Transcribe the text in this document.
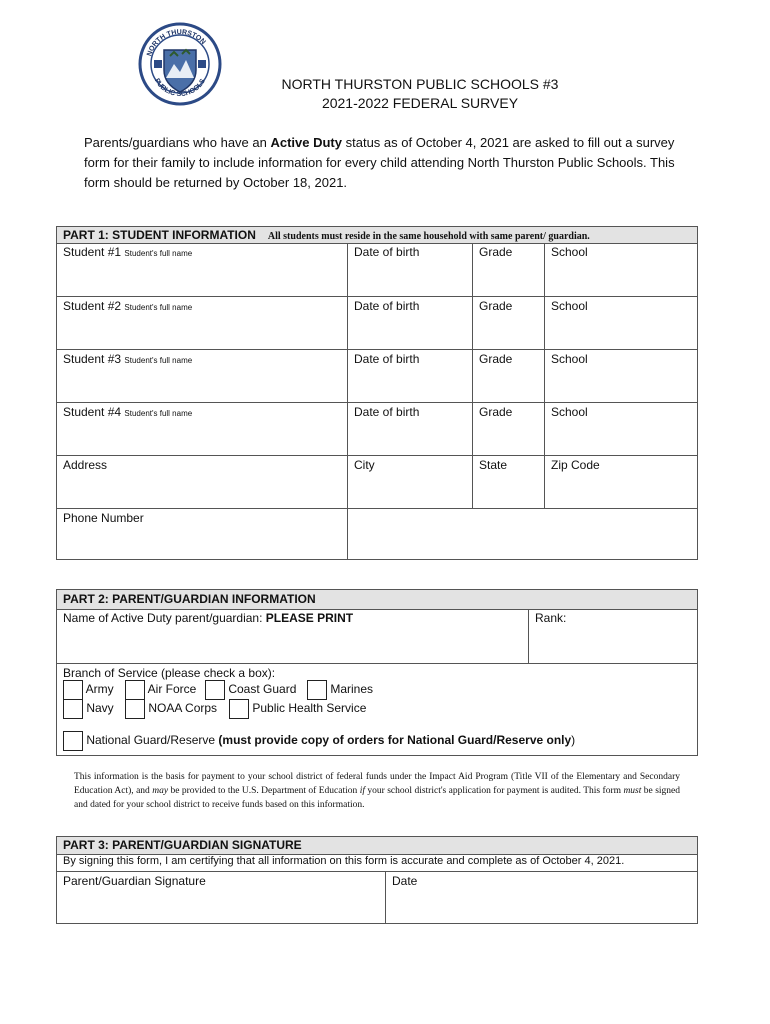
NORTH THURSTON
PUBLIC SCHOOLS	NORTH THURSTON PUBLIC SCHOOLS #3
2021-2022 FEDERAL SURVEY
Parents/guardians who have an Active Duty status as of October 4, 2021 are asked to fill out a survey form for their family to include information for every child attending North Thurston Public Schools. This form should be returned by October 18, 2021.
PART 1: STUDENT INFORMATION All students must reside in the same household with same parent/ guardian.
Student #1 Student's full name	Date of birth	Grade	School
Student #2 Student's full name	Date of birth	Grade	School
Student #3 Student's full name	Date of birth	Grade	School
Student #4 Student's full name	Date of birth	Grade	School
Address	City	State	Zip Code
Phone Number
PART 2: PARENT/GUARDIAN INFORMATION
Name of Active Duty parent/guardian: PLEASE PRINT	Rank:
Branch of Service (please check a box):
Army	Air Force	Coast Guard	Marines
Navy	NOAA Corps	Public Health Service
National Guard/Reserve (must provide copy of orders for National Guard/Reserve only)
This information is the basis for payment to your school district of federal funds under the Impact Aid Program (Title VII of the Elementary and Secondary Education Act), and may be provided to the U.S. Department of Education if your school district's application for payment is audited. This form must be signed and dated for your school district to receive funds based on this information.
PART 3: PARENT/GUARDIAN SIGNATURE
By signing this form, I am certifying that all information on this form is accurate and complete as of October 4, 2021.
Parent/Guardian Signature	Date
